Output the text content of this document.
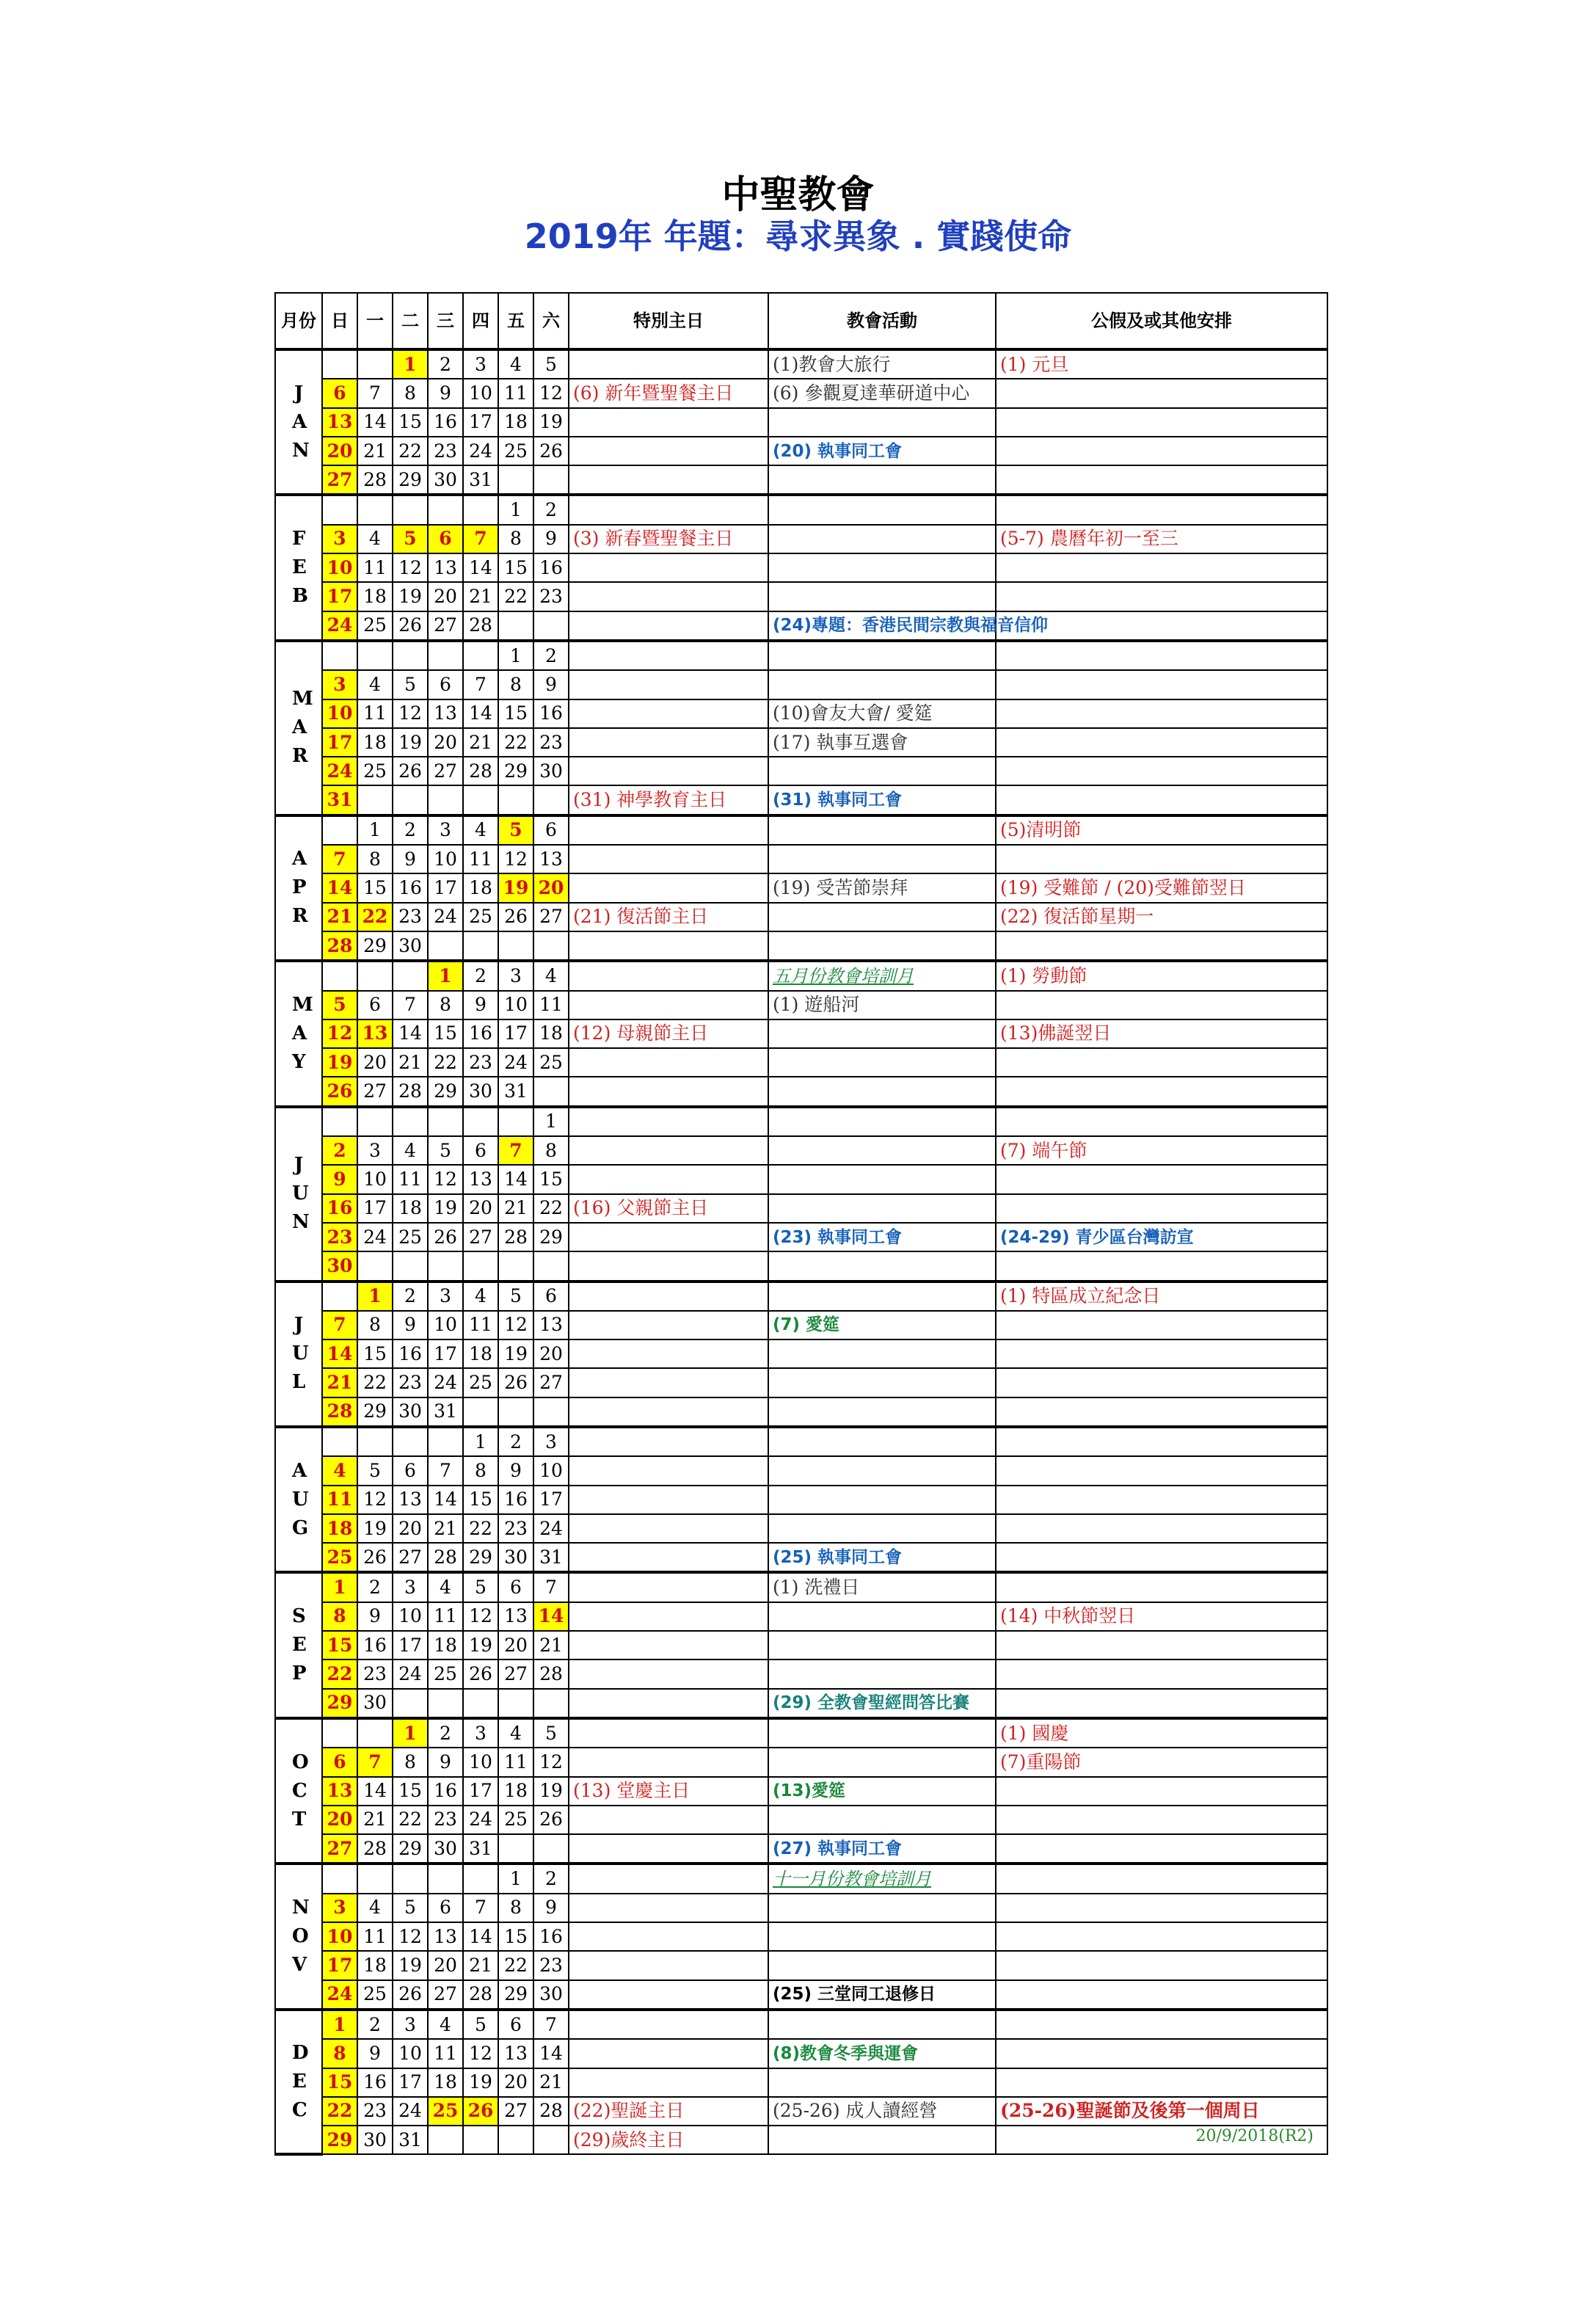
中聖教會
2019年 年題：尋求異象 . 實踐使命
月份	日	一	二	三	四	五	六	特別主日	教會活動	公假及或其他安排
JAN			1	2	3	4	5		(1)教會大旅行	(1) 元旦
	6	7	8	9	10	11	12	(6) 新年暨聖餐主日	(6) 參觀夏達華研道中心	
	13	14	15	16	17	18	19			
	20	21	22	23	24	25	26		(20) 執事同工會	
	27	28	29	30	31					
FEB						1	2			
	3	4	5	6	7	8	9	(3) 新春暨聖餐主日		(5-7) 農曆年初一至三
	10	11	12	13	14	15	16			
	17	18	19	20	21	22	23			
	24	25	26	27	28				(24)專題：香港民間宗教與福音信仰	
MAR						1	2			
	3	4	5	6	7	8	9			
	10	11	12	13	14	15	16		(10)會友大會/ 愛筵	
	17	18	19	20	21	22	23		(17) 執事互選會	
	24	25	26	27	28	29	30			
	31							(31) 神學教育主日	(31) 執事同工會	
APR		1	2	3	4	5	6			(5)清明節
	7	8	9	10	11	12	13			
	14	15	16	17	18	19	20		(19) 受苦節崇拜	(19) 受難節 / (20)受難節翌日
	21	22	23	24	25	26	27	(21) 復活節主日		(22) 復活節星期一
	28	29	30							
MAY				1	2	3	4		五月份教會培訓月	(1) 勞動節
	5	6	7	8	9	10	11		(1) 遊船河	
	12	13	14	15	16	17	18	(12) 母親節主日		(13)佛誕翌日
	19	20	21	22	23	24	25			
	26	27	28	29	30	31				
JUN							1			
	2	3	4	5	6	7	8			(7) 端午節
	9	10	11	12	13	14	15			
	16	17	18	19	20	21	22	(16) 父親節主日		
	23	24	25	26	27	28	29		(23) 執事同工會	(24-29) 青少區台灣訪宣
	30									
JUL		1	2	3	4	5	6			(1) 特區成立紀念日
	7	8	9	10	11	12	13		(7) 愛筵	
	14	15	16	17	18	19	20			
	21	22	23	24	25	26	27			
	28	29	30	31						
AUG					1	2	3			
	4	5	6	7	8	9	10			
	11	12	13	14	15	16	17			
	18	19	20	21	22	23	24			
	25	26	27	28	29	30	31		(25) 執事同工會	
SEP	1	2	3	4	5	6	7		(1) 洗禮日	
	8	9	10	11	12	13	14			(14) 中秋節翌日
	15	16	17	18	19	20	21			
	22	23	24	25	26	27	28			
	29	30							(29) 全教會聖經問答比賽	
OCT			1	2	3	4	5			(1) 國慶
	6	7	8	9	10	11	12			(7)重陽節
	13	14	15	16	17	18	19	(13) 堂慶主日	(13)愛筵	
	20	21	22	23	24	25	26			
	27	28	29	30	31				(27) 執事同工會	
NOV						1	2		十一月份教會培訓月	
	3	4	5	6	7	8	9			
	10	11	12	13	14	15	16			
	17	18	19	20	21	22	23			
	24	25	26	27	28	29	30		(25) 三堂同工退修日	
DEC	1	2	3	4	5	6	7			
	8	9	10	11	12	13	14		(8)教會冬季與運會	
	15	16	17	18	19	20	21			
	22	23	24	25	26	27	28	(22)聖誕主日	(25-26) 成人讀經營	(25-26)聖誕節及後第一個周日
	29	30	31					(29)歲終主日			20/9/2018(R2)
